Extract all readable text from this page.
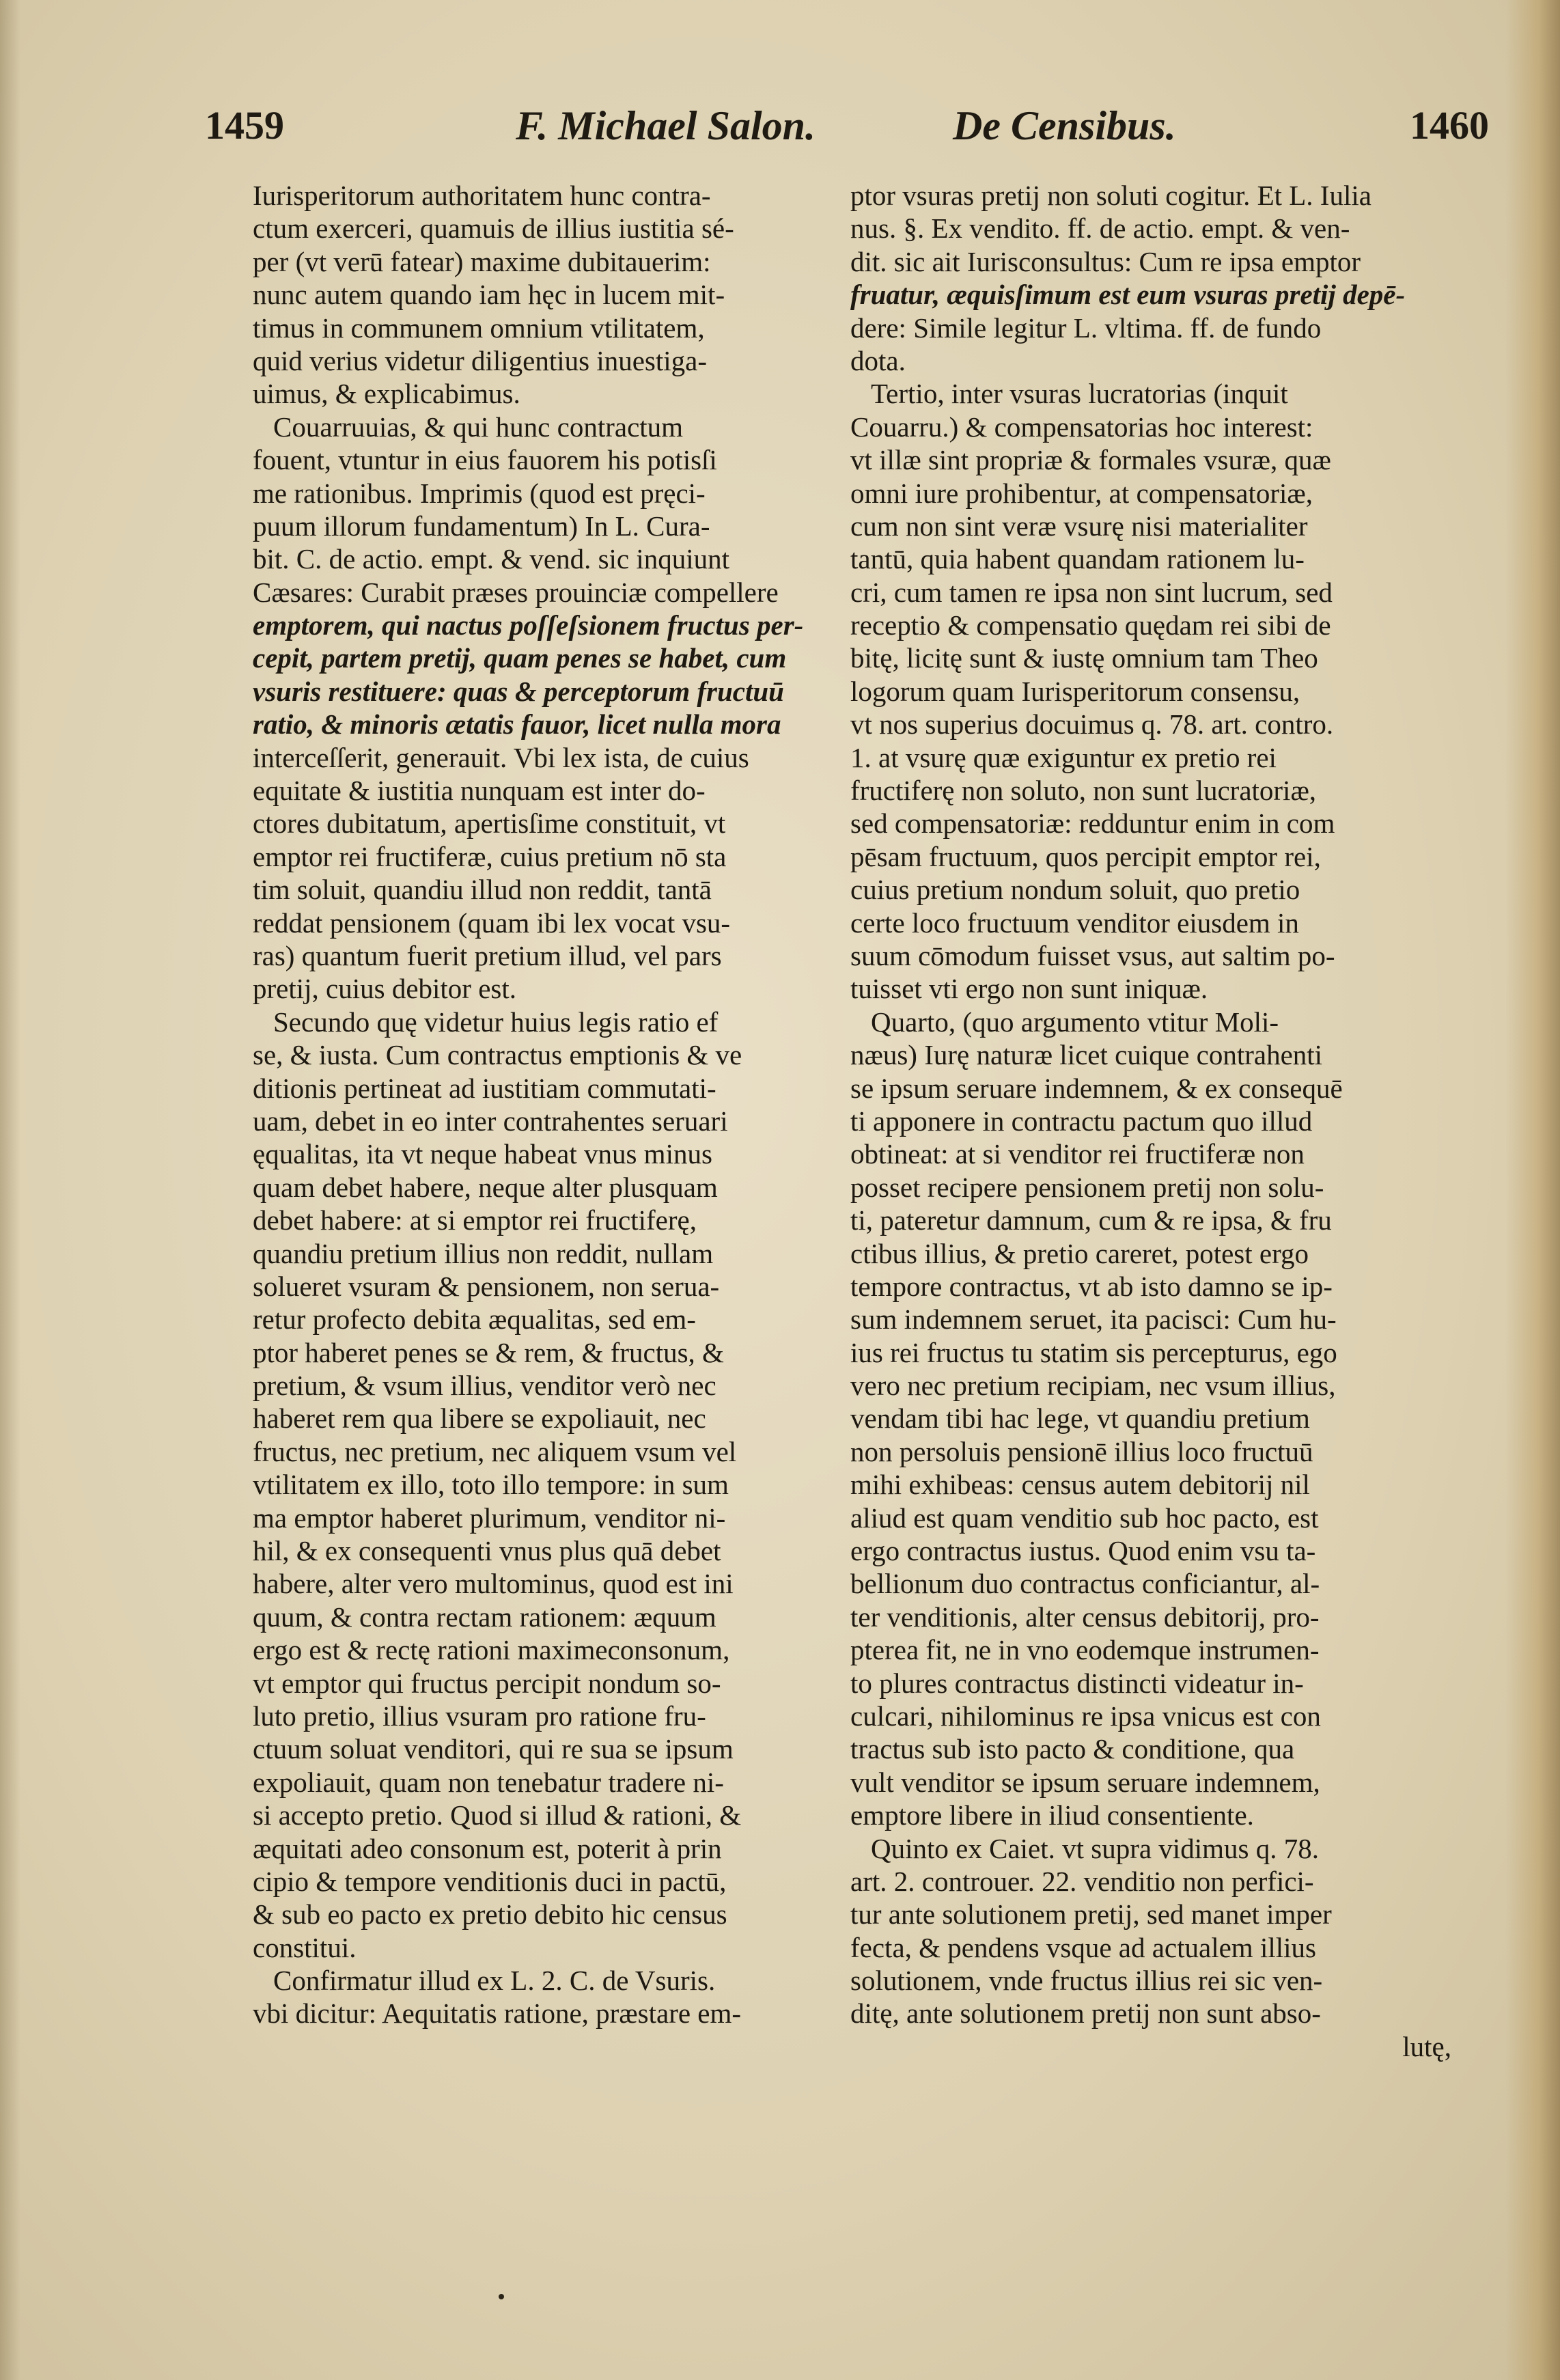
1459	F. Michael Salon.	De Censibus.	1460
Iurisperitorum authoritatem hunc contra-
ctum exerceri, quamuis de illius iustitia sé-
per (vt verū fatear) maxime dubitauerim:
nunc autem quando iam hęc in lucem mit-
timus in communem omnium vtilitatem,
quid verius videtur diligentius inuestiga-
uimus, & explicabimus.
Couarruuias, & qui hunc contractum
fouent, vtuntur in eius fauorem his potisſi
me rationibus. Imprimis (quod est pręci-
puum illorum fundamentum) In L. Cura-
bit. C. de actio. empt. & vend. sic inquiunt
Cæsares: Curabit præses prouinciæ compellere
emptorem, qui nactus poſſeſsionem fructus per-
cepit, partem pretij, quam penes se habet, cum
vsuris restituere: quas & perceptorum fructuū
ratio, & minoris ætatis fauor, licet nulla mora
interceſſerit, generauit. Vbi lex ista, de cuius
equitate & iustitia nunquam est inter do-
ctores dubitatum, apertisſime constituit, vt
emptor rei fructiferæ, cuius pretium nō sta
tim soluit, quandiu illud non reddit, tantā
reddat pensionem (quam ibi lex vocat vsu-
ras) quantum fuerit pretium illud, vel pars
pretij, cuius debitor est.
Secundo quę videtur huius legis ratio ef
se, & iusta. Cum contractus emptionis & ve
ditionis pertineat ad iustitiam commutati-
uam, debet in eo inter contrahentes seruari
ęqualitas, ita vt neque habeat vnus minus
quam debet habere, neque alter plusquam
debet habere: at si emptor rei fructiferę,
quandiu pretium illius non reddit, nullam
solueret vsuram & pensionem, non serua-
retur profecto debita æqualitas, sed em-
ptor haberet penes se & rem, & fructus, &
pretium, & vsum illius, venditor verò nec
haberet rem qua libere se expoliauit, nec
fructus, nec pretium, nec aliquem vsum vel
vtilitatem ex illo, toto illo tempore: in sum
ma emptor haberet plurimum, venditor ni-
hil, & ex consequenti vnus plus quā debet
habere, alter vero multominus, quod est ini
quum, & contra rectam rationem: æquum
ergo est & rectę rationi maximeconsonum,
vt emptor qui fructus percipit nondum so-
luto pretio, illius vsuram pro ratione fru-
ctuum soluat venditori, qui re sua se ipsum
expoliauit, quam non tenebatur tradere ni-
si accepto pretio. Quod si illud & rationi, &
æquitati adeo consonum est, poterit à prin
cipio & tempore venditionis duci in pactū,
& sub eo pacto ex pretio debito hic census
constitui.
Confirmatur illud ex L. 2. C. de Vsuris.
vbi dicitur: Aequitatis ratione, præstare em-
ptor vsuras pretij non soluti cogitur. Et L. Iulia
nus. §. Ex vendito. ff. de actio. empt. & ven-
dit. sic ait Iurisconsultus: Cum re ipsa emptor
fruatur, æquisſimum est eum vsuras pretij depē-
dere: Simile legitur L. vltima. ff. de fundo
dota.
Tertio, inter vsuras lucratorias (inquit
Couarru.) & compensatorias hoc interest:
vt illæ sint propriæ & formales vsuræ, quæ
omni iure prohibentur, at compensatoriæ,
cum non sint veræ vsurę nisi materialiter
tantū, quia habent quandam rationem lu-
cri, cum tamen re ipsa non sint lucrum, sed
receptio & compensatio quędam rei sibi de
bitę, licitę sunt & iustę omnium tam Theo
logorum quam Iurisperitorum consensu,
vt nos superius docuimus q. 78. art. contro.
1. at vsurę quæ exiguntur ex pretio rei
fructiferę non soluto, non sunt lucratoriæ,
sed compensatoriæ: redduntur enim in com
pēsam fructuum, quos percipit emptor rei,
cuius pretium nondum soluit, quo pretio
certe loco fructuum venditor eiusdem in
suum cōmodum fuisset vsus, aut saltim po-
tuisset vti ergo non sunt iniquæ.
Quarto, (quo argumento vtitur Moli-
næus) Iurę naturæ licet cuique contrahenti
se ipsum seruare indemnem, & ex consequē
ti apponere in contractu pactum quo illud
obtineat: at si venditor rei fructiferæ non
posset recipere pensionem pretij non solu-
ti, pateretur damnum, cum & re ipsa, & fru
ctibus illius, & pretio careret, potest ergo
tempore contractus, vt ab isto damno se ip-
sum indemnem seruet, ita pacisci: Cum hu-
ius rei fructus tu statim sis percepturus, ego
vero nec pretium recipiam, nec vsum illius,
vendam tibi hac lege, vt quandiu pretium
non persoluis pensionē illius loco fructuū
mihi exhibeas: census autem debitorij nil
aliud est quam venditio sub hoc pacto, est
ergo contractus iustus. Quod enim vsu ta-
bellionum duo contractus conficiantur, al-
ter venditionis, alter census debitorij, pro-
pterea fit, ne in vno eodemque instrumen-
to plures contractus distincti videatur in-
culcari, nihilominus re ipsa vnicus est con
tractus sub isto pacto & conditione, qua
vult venditor se ipsum seruare indemnem,
emptore libere in iliud consentiente.
Quinto ex Caiet. vt supra vidimus q. 78.
art. 2. controuer. 22. venditio non perfici-
tur ante solutionem pretij, sed manet imper
fecta, & pendens vsque ad actualem illius
solutionem, vnde fructus illius rei sic ven-
ditę, ante solutionem pretij non sunt abso-
lutę,
